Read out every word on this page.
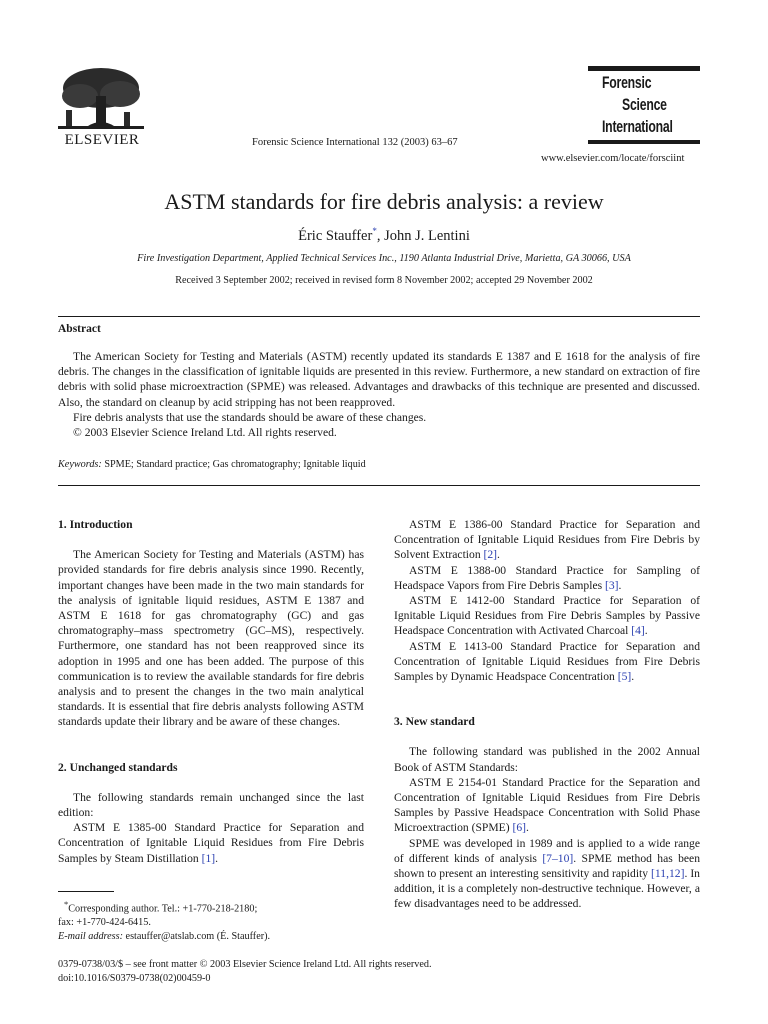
ELSEVIER	Forensic Science International 132 (2003) 63–67
Forensic
Science
International
www.elsevier.com/locate/forsciint
ASTM standards for fire debris analysis: a review
Éric Stauffer*, John J. Lentini
Fire Investigation Department, Applied Technical Services Inc., 1190 Atlanta Industrial Drive, Marietta, GA 30066, USA
Received 3 September 2002; received in revised form 8 November 2002; accepted 29 November 2002
Abstract

The American Society for Testing and Materials (ASTM) recently updated its standards E 1387 and E 1618 for the analysis of fire debris. The changes in the classification of ignitable liquids are presented in this review. Furthermore, a new standard on extraction of fire debris with solid phase microextraction (SPME) was released. Advantages and drawbacks of this technique are presented and discussed. Also, the standard on cleanup by acid stripping has not been reapproved.

Fire debris analysts that use the standards should be aware of these changes.

© 2003 Elsevier Science Ireland Ltd. All rights reserved.

Keywords: SPME; Standard practice; Gas chromatography; Ignitable liquid
1. Introduction

The American Society for Testing and Materials (ASTM) has provided standards for fire debris analysis since 1990. Recently, important changes have been made in the two main standards for the analysis of ignitable liquid residues, ASTM E 1387 and ASTM E 1618 for gas chromatography (GC) and gas chromatography–mass spectrometry (GC–MS), respectively. Furthermore, one standard has not been reapproved since its adoption in 1995 and one has been added. The purpose of this communication is to review the available standards for fire debris analysis and to present the changes in the two main analytical standards. It is essential that fire debris analysts following ASTM standards update their library and be aware of these changes.

2. Unchanged standards

The following standards remain unchanged since the last edition:

ASTM E 1385-00 Standard Practice for Separation and Concentration of Ignitable Liquid Residues from Fire Debris Samples by Steam Distillation [1].

ASTM E 1386-00 Standard Practice for Separation and Concentration of Ignitable Liquid Residues from Fire Debris by Solvent Extraction [2].

ASTM E 1388-00 Standard Practice for Sampling of Headspace Vapors from Fire Debris Samples [3].

ASTM E 1412-00 Standard Practice for Separation of Ignitable Liquid Residues from Fire Debris Samples by Passive Headspace Concentration with Activated Charcoal [4].

ASTM E 1413-00 Standard Practice for Separation and Concentration of Ignitable Liquid Residues from Fire Debris Samples by Dynamic Headspace Concentration [5].

3. New standard

The following standard was published in the 2002 Annual Book of ASTM Standards:

ASTM E 2154-01 Standard Practice for the Separation and Concentration of Ignitable Liquid Residues from Fire Debris Samples by Passive Headspace Concentration with Solid Phase Microextraction (SPME) [6].

SPME was developed in 1989 and is applied to a wide range of different kinds of analysis [7–10]. SPME method has been shown to present an interesting sensitivity and rapidity [11,12]. In addition, it is a completely non-destructive technique. However, a few disadvantages need to be addressed.

*Corresponding author. Tel.: +1-770-218-2180;
fax: +1-770-424-6415.
E-mail address: estauffer@atslab.com (É. Stauffer).
0379-0738/03/$ – see front matter © 2003 Elsevier Science Ireland Ltd. All rights reserved.
doi:10.1016/S0379-0738(02)00459-0
